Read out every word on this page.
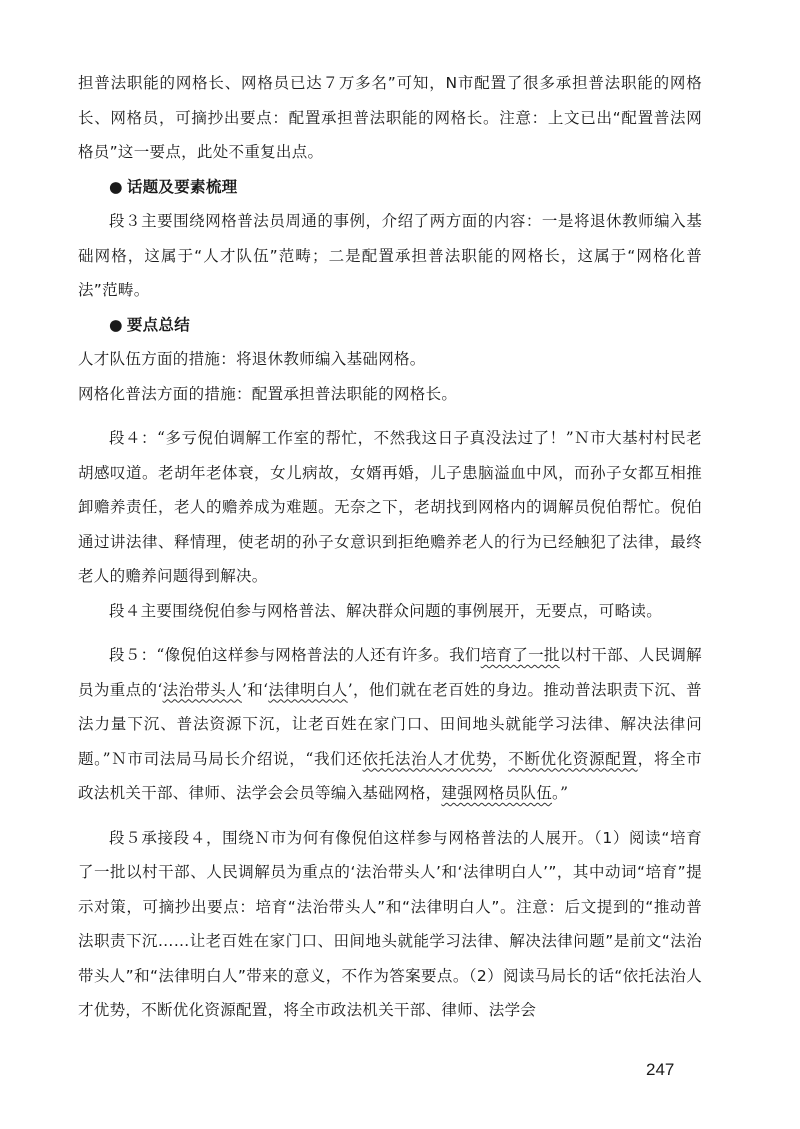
担普法职能的网格长、网格员已达７万多名”可知，N市配置了很多承担普法职能的网格长、网格员，可摘抄出要点：配置承担普法职能的网格长。注意：上文已出“配置普法网格员”这一要点，此处不重复出点。

● 话题及要素梳理

段３主要围绕网格普法员周通的事例，介绍了两方面的内容：一是将退休教师编入基础网格，这属于“人才队伍”范畴；二是配置承担普法职能的网格长，这属于“网格化普法”范畴。

● 要点总结

人才队伍方面的措施：将退休教师编入基础网格。

网格化普法方面的措施：配置承担普法职能的网格长。

段４：“多亏倪伯调解工作室的帮忙，不然我这日子真没法过了！”Ｎ市大基村村民老胡感叹道。老胡年老体衰，女儿病故，女婿再婚，儿子患脑溢血中风，而孙子女都互相推卸赡养责任，老人的赡养成为难题。无奈之下，老胡找到网格内的调解员倪伯帮忙。倪伯通过讲法律、释情理，使老胡的孙子女意识到拒绝赡养老人的行为已经触犯了法律，最终老人的赡养问题得到解决。

段４主要围绕倪伯参与网格普法、解决群众问题的事例展开，无要点，可略读。

段５：“像倪伯这样参与网格普法的人还有许多。我们培育了一批以村干部、人民调解员为重点的‘法治带头人’和‘法律明白人’，他们就在老百姓的身边。推动普法职责下沉、普法力量下沉、普法资源下沉，让老百姓在家门口、田间地头就能学习法律、解决法律问题。”Ｎ市司法局马局长介绍说，“我们还依托法治人才优势，不断优化资源配置，将全市政法机关干部、律师、法学会会员等编入基础网格，建强网格员队伍。”

段５承接段４，围绕Ｎ市为何有像倪伯这样参与网格普法的人展开。（1）阅读“培育了一批以村干部、人民调解员为重点的‘法治带头人’和‘法律明白人’”，其中动词“培育”提示对策，可摘抄出要点：培育“法治带头人”和“法律明白人”。注意：后文提到的“推动普法职责下沉……让老百姓在家门口、田间地头就能学习法律、解决法律问题”是前文“法治带头人”和“法律明白人”带来的意义，不作为答案要点。（2）阅读马局长的话“依托法治人才优势，不断优化资源配置，将全市政法机关干部、律师、法学会

247
